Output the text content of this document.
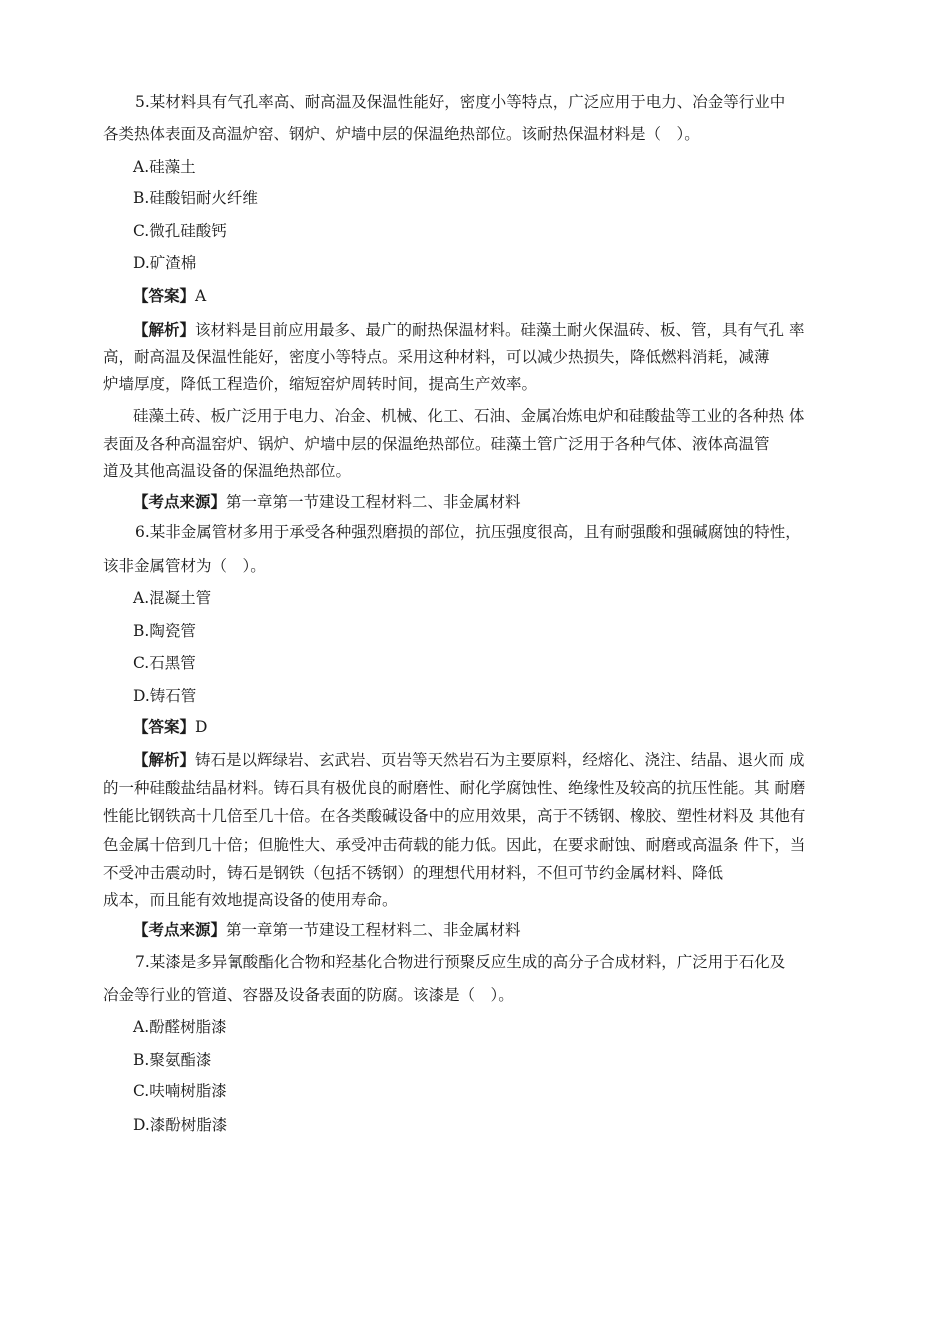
5.某材料具有气孔率高、耐高温及保温性能好，密度小等特点，广泛应用于电力、冶金等行业中
各类热体表面及高温炉窑、钢炉、炉墙中层的保温绝热部位。该耐热保温材料是（　）。
A.硅藻土
B.硅酸铝耐火纤维
C.微孔硅酸钙
D.矿渣棉
【答案】A
【解析】该材料是目前应用最多、最广的耐热保温材料。硅藻土耐火保温砖、板、管，具有气孔 率
高，耐高温及保温性能好，密度小等特点。采用这种材料，可以减少热损失，降低燃料消耗，减薄
炉墙厚度，降低工程造价，缩短窑炉周转时间，提高生产效率。
硅藻土砖、板广泛用于电力、冶金、机械、化工、石油、金属冶炼电炉和硅酸盐等工业的各种热 体
表面及各种高温窑炉、锅炉、炉墙中层的保温绝热部位。硅藻土管广泛用于各种气体、液体高温管
道及其他高温设备的保温绝热部位。
【考点来源】第一章第一节建设工程材料二、非金属材料
6.某非金属管材多用于承受各种强烈磨损的部位，抗压强度很高，且有耐强酸和强碱腐蚀的特性，
该非金属管材为（　）。
A.混凝土管
B.陶瓷管
C.石黑管
D.铸石管
【答案】D
【解析】铸石是以辉绿岩、玄武岩、页岩等天然岩石为主要原料，经熔化、浇注、结晶、退火而 成
的一种硅酸盐结晶材料。铸石具有极优良的耐磨性、耐化学腐蚀性、绝缘性及较高的抗压性能。其 耐磨
性能比钢铁高十几倍至几十倍。在各类酸碱设备中的应用效果，高于不锈钢、橡胶、塑性材料及 其他有
色金属十倍到几十倍；但脆性大、承受冲击荷载的能力低。因此，在要求耐蚀、耐磨或高温条 件下，当
不受冲击震动时，铸石是钢铁（包括不锈钢）的理想代用材料，不但可节约金属材料、降低
成本，而且能有效地提高设备的使用寿命。
【考点来源】第一章第一节建设工程材料二、非金属材料
7.某漆是多异氰酸酯化合物和羟基化合物进行预聚反应生成的高分子合成材料，广泛用于石化及
冶金等行业的管道、容器及设备表面的防腐。该漆是（　）。
A.酚醛树脂漆
B.聚氨酯漆
C.呋喃树脂漆
D.漆酚树脂漆
